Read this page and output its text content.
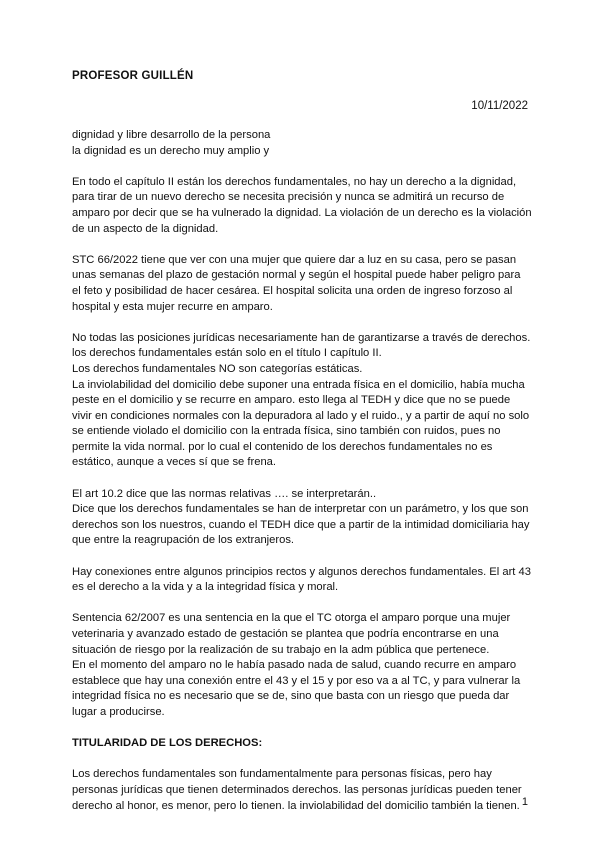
PROFESOR GUILLÉN
10/11/2022

dignidad y libre desarrollo de la persona

la dignidad es un derecho muy amplio y

En todo el capítulo II están los derechos fundamentales, no hay un derecho a la dignidad, para tirar de un nuevo derecho se necesita precisión y nunca se admitirá un recurso de amparo por decir que se ha vulnerado la dignidad. La violación de un derecho es la violación de un aspecto de la dignidad.

STC 66/2022 tiene que ver con una mujer que quiere dar a luz en su casa, pero se pasan unas semanas del plazo de gestación normal y según el hospital puede haber peligro para el feto y posibilidad de hacer cesárea. El hospital solicita una orden de ingreso forzoso al hospital y esta mujer recurre en amparo.

No todas las posiciones jurídicas necesariamente han de garantizarse a través de derechos. los derechos fundamentales están solo en el título I capítulo II.

Los derechos fundamentales NO son categorías estáticas.

La inviolabilidad del domicilio debe suponer una entrada física en el domicilio, había mucha peste en el domicilio y se recurre en amparo. esto llega al TEDH y dice que no se puede vivir en condiciones normales con la depuradora al lado y el ruido., y a partir de aquí no solo se entiende violado el domicilio con la entrada física, sino también con ruidos, pues no permite la vida normal. por lo cual el contenido de los derechos fundamentales no es estático, aunque a veces sí que se frena.

El art 10.2 dice que las normas relativas …. se interpretarán..

Dice que los derechos fundamentales se han de interpretar con un parámetro, y los que son derechos son los nuestros, cuando el TEDH dice que a partir de la intimidad domiciliaria hay que entre la reagrupación de los extranjeros.

Hay conexiones entre algunos principios rectos y algunos derechos fundamentales. El art 43 es el derecho a la vida y a la integridad física y moral.

Sentencia 62/2007 es una sentencia en la que el TC otorga el amparo porque una mujer veterinaria y avanzado estado de gestación se plantea que podría encontrarse en una situación de riesgo por la realización de su trabajo en la adm pública que pertenece.

En el momento del amparo no le había pasado nada de salud, cuando recurre en amparo establece que hay una conexión entre el 43 y el 15 y por eso va a al TC, y para vulnerar la integridad física no es necesario que se de, sino que basta con un riesgo que pueda dar lugar a producirse.

TITULARIDAD DE LOS DERECHOS:

Los derechos fundamentales son fundamentalmente para personas físicas, pero hay personas jurídicas que tienen determinados derechos. las personas jurídicas pueden tener derecho al honor, es menor, pero lo tienen. la inviolabilidad del domicilio también la tienen. 1
